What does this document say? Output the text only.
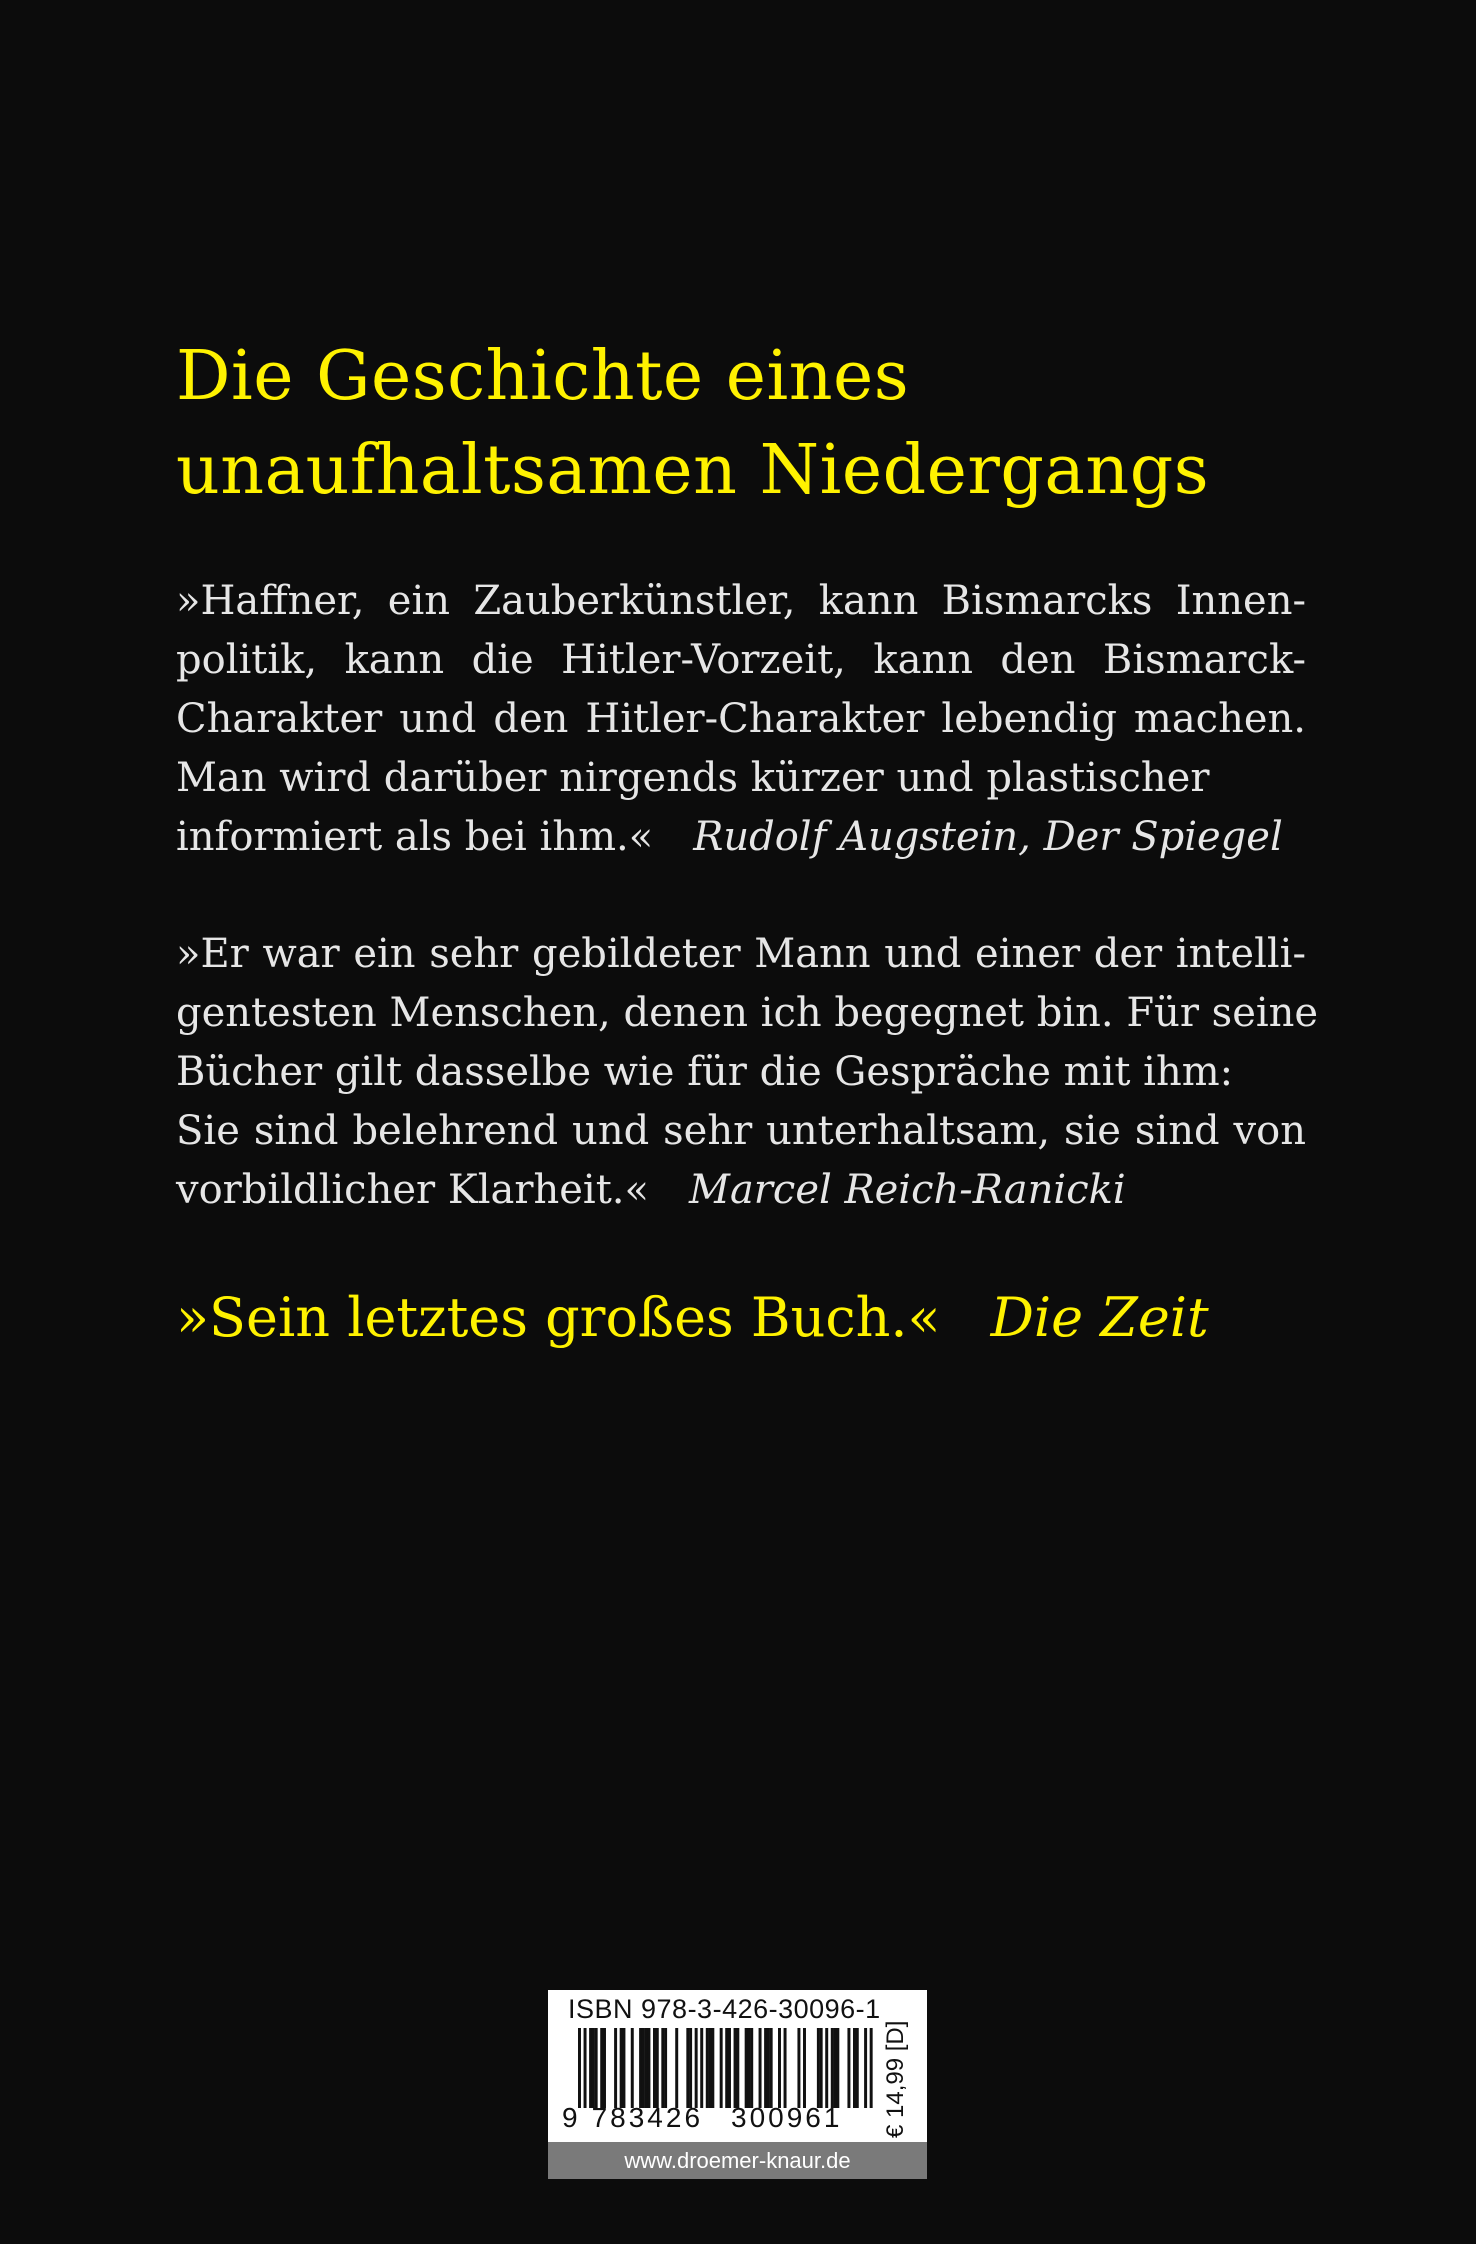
Die Geschichte eines
unaufhaltsamen Niedergangs
»Haffner, ein Zauberkünstler, kann Bismarcks Innen-
politik, kann die Hitler-Vorzeit, kann den Bismarck-
Charakter und den Hitler-Charakter lebendig machen.
Man wird darüber nirgends kürzer und plastischer
informiert als bei ihm.« Rudolf Augstein, Der Spiegel
»Er war ein sehr gebildeter Mann und einer der intelli-
gentesten Menschen, denen ich begegnet bin. Für seine
Bücher gilt dasselbe wie für die Gespräche mit ihm:
Sie sind belehrend und sehr unterhaltsam, sie sind von
vorbildlicher Klarheit.« Marcel Reich-Ranicki
»Sein letztes großes Buch.« Die Zeit
ISBN 978-3-426-30096-1
9 783426 300961 € 14,99 [D]
www.droemer-knaur.de
